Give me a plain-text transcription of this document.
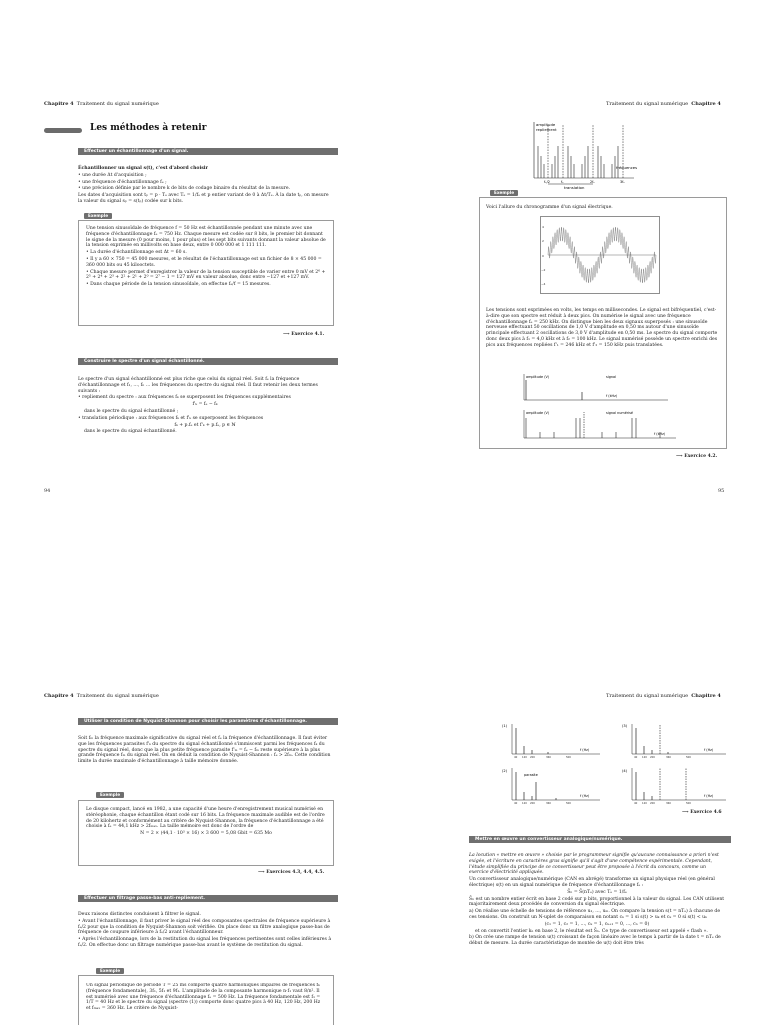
Chapitre 4 Traitement du signal numérique	Traitement du signal numérique Chapitre 4
Les méthodes à retenir
Effectuer un échantillonnage d'un signal.

Échantillonner un signal s(t), c'est d'abord choisir

• une durée Δt d'acquisition ;

• une fréquence d'échantillonnage fₑ ;

• une précision définie par le nombre k de bits de codage binaire du résultat de la mesure.

Les dates d'acquisition sont tₚ = p · Tₑ avec Tₑ = 1/fₑ et p entier variant de 0 à Δt/Tₑ. À la date tₚ, on mesure la valeur du signal sₚ = s(tₚ) codée sur k bits.

Exemple

Une tension sinusoïdale de fréquence f = 50 Hz est échantillonnée pendant une minute avec une fréquence d'échantillonnage fₑ = 750 Hz. Chaque mesure est codée sur 8 bits, le premier bit donnant le signe de la mesure (0 pour moins, 1 pour plus) et les sept bits suivants donnant la valeur absolue de la tension exprimée en millivolts en base deux, entre 0 000 000 et 1 111 111.

• La durée d'échantillonnage est Δt = 60 s.

• Il y a 60 × 750 = 45 000 mesures, et le résultat de l'échantillonnage est un fichier de 8 × 45 000 = 360 000 bits ou 45 kilooctets.

• Chaque mesure permet d'enregistrer la valeur de la tension susceptible de varier entre 0 mV et 2⁶ + 2⁵ + 2⁴ + 2³ + 2² + 2¹ + 2⁰ = 2⁷ − 1 = 127 mV en valeur absolue, donc entre −127 et +127 mV.

• Dans chaque période de la tension sinusoïdale, on effectue fₑ/f = 15 mesures.

⟶ Exercice 4.1.
Construire le spectre d'un signal échantillonné.

Le spectre d'un signal échantillonné est plus riche que celui du signal réel. Soit fₑ la fréquence d'échantillonnage et f₁, ..., fₙ ... les fréquences du spectre du signal réel. Il faut retenir les deux termes suivants :

• repliement du spectre : aux fréquences fₖ se superposent les fréquences supplémentaires

f'ₖ = fₑ − fₖ

dans le spectre du signal échantillonné ;

• translation périodique : aux fréquences fₖ et f'ₖ se superposent les fréquences

fₖ + p.fₑ et f'ₖ + p.fₑ, p ∈ ℕ

dans le spectre du signal échantillonné.

94	95
amplitude
repliement
fréquences
translation
fₑ/2	fₑ	2fₑ	3fₑ
Exemple
Voici l'allure du chronogramme d'un signal électrique.
4
2
0
−2
−4
Les tensions sont exprimées en volts, les temps en millisecondes. Le signal est bifréquentiel, c'est-à-dire que son spectre est réduit à deux pics. On numérise le signal avec une fréquence d'échantillonnage fₑ = 250 kHz. On distingue bien les deux signaux superposés : une sinusoïde nerveuse effectuant 50 oscillations de 1,0 V d'amplitude en 0,50 ms autour d'une sinusoïde principale effectuant 2 oscillations de 3,0 V d'amplitude en 0,50 ms. Le spectre du signal comporte donc deux pics à f₁ = 4,0 kHz et à f₂ = 100 kHz. Le signal numérisé possède un spectre enrichi des pics aux fréquences repliées f'₁ = 246 kHz et f'₂ = 150 kHz puis translatées.
amplitude (V)	signal
f (kHz)
amplitude (V)	signal numérisé
f (kHz)
⟶ Exercice 4.2.
Chapitre 4 Traitement du signal numérique	Traitement du signal numérique Chapitre 4
Utiliser la condition de Nyquist-Shannon pour choisir les paramètres d'échantillonnage.
Soit fₘ la fréquence maximale significative du signal réel et fₑ la fréquence d'échantillonnage. Il faut éviter que les fréquences parasites f'ₖ du spectre du signal échantillonné s'immiscent parmi les fréquences fₖ du spectre du signal réel, donc que la plus petite fréquence parasite f'ₘ = fₑ − fₘ reste supérieure à la plus grande fréquence fₘ du signal réel. On en déduit la condition de Nyquist-Shannon : fₑ > 2fₘ. Cette condition limite la durée maximale d'échantillonnage à taille mémoire donnée.
Exemple

Le disque compact, lancé en 1982, a une capacité d'une heure d'enregistrement musical numérisé en stéréophonie, chaque échantillon étant codé sur 16 bits. La fréquence maximale audible est de l'ordre de 20 kilohertz et conformément au critère de Nyquist-Shannon, la fréquence d'échantillonnage a été choisie à fₑ = 44,1 kHz > 2fₘₐₓ. La taille mémoire est donc de l'ordre de

N = 2 × (44,1 · 10³ × 16) × 3 600 = 5,08 Gbit = 635 Mo

⟶ Exercices 4.3, 4.4, 4.5.
Effectuer un filtrage passe-bas anti-repliement.

Deux raisons distinctes conduisent à filtrer le signal.

• Avant l'échantillonnage, il faut priver le signal réel des composantes spectrales de fréquence supérieure à fₑ/2 pour que la condition de Nyquist-Shannon soit vérifiée. On place donc un filtre analogique passe-bas de fréquence de coupure inférieure à fₑ/2 avant l'échantillonneur.

• Après l'échantillonnage, lors de la restitution du signal les fréquences pertinentes sont celles inférieures à fₑ/2. On effectue donc un filtrage numérique passe-bas avant le système de restitution du signal.

Exemple
Un signal périodique de période T = 25 ms comporte quatre harmoniques impaires de fréquences fₖ (fréquence fondamentale), 3f₁, 5f₁ et 9f₁. L'amplitude de la composante harmonique n·f₁ vaut 8/n². Il est numérisé avec une fréquence d'échantillonnage fₑ = 500 Hz. La fréquence fondamentale est f₁ = 1/T = 40 Hz et le spectre du signal (spectre (1)) comporte donc quatre pics à 40 Hz, 120 Hz, 200 Hz et fₘₐₓ = 360 Hz. Le critère de Nyquist-
(1)
f (Hz)
(3)
f (Hz)
(2)
parasite
f (Hz)
(4)
f (Hz)
40 120 200	360	500	40 120 200	360	500
40 120 200	360	500	40 120 200	360	500
⟶ Exercice 4.6
Mettre en œuvre un convertisseur analogique/numérique.

La locution « mettre en œuvre » choisie par le programmeur signifie qu'aucune connaissance a priori n'est exigée, et l'écriture en caractères gras signifie qu'il s'agit d'une compétence expérimentale. Cependant, l'étude simplifiée du principe de ce convertisseur peut être proposée à l'écrit du concours, comme un exercice d'électricité appliquée.

Un convertisseur analogique/numérique (CAN en abrégé) transforme un signal physique réel (en général électrique) s(t) en un signal numérique de fréquence d'échantillonnage fₑ :

S̄ₙ = S̄(nTₑ) avec Tₑ = 1/fₑ

S̄ₙ est un nombre entier écrit en base 2 codé sur p bits, proportionnel à la valeur du signal. Les CAN utilisent majoritairement deux procédés de conversion du signal électrique.

a) On réalise une échelle de tensions de référence u₁, ..., uₘ. On compare la tension s(t = nTₑ) à chacune de ces tensions. On construit un N-uplet de comparaison en notant cₖ = 1 si s(t) > uₖ et cₖ = 0 si s(t) < uₖ

(c₁ = 1, c₂ = 1, ..., cₖ = 1, cₖ₊₁ = 0, ..., cₙ = 0)

et on convertit l'entier kₙ en base 2, le résultat est S̄ₙ. Ce type de convertisseur est appelé « flash ».

b) On crée une rampe de tension u(t) croissant de façon linéaire avec le temps à partir de la date t = nTₑ de début de mesure. La durée caractéristique de montée de u(t) doit être très
